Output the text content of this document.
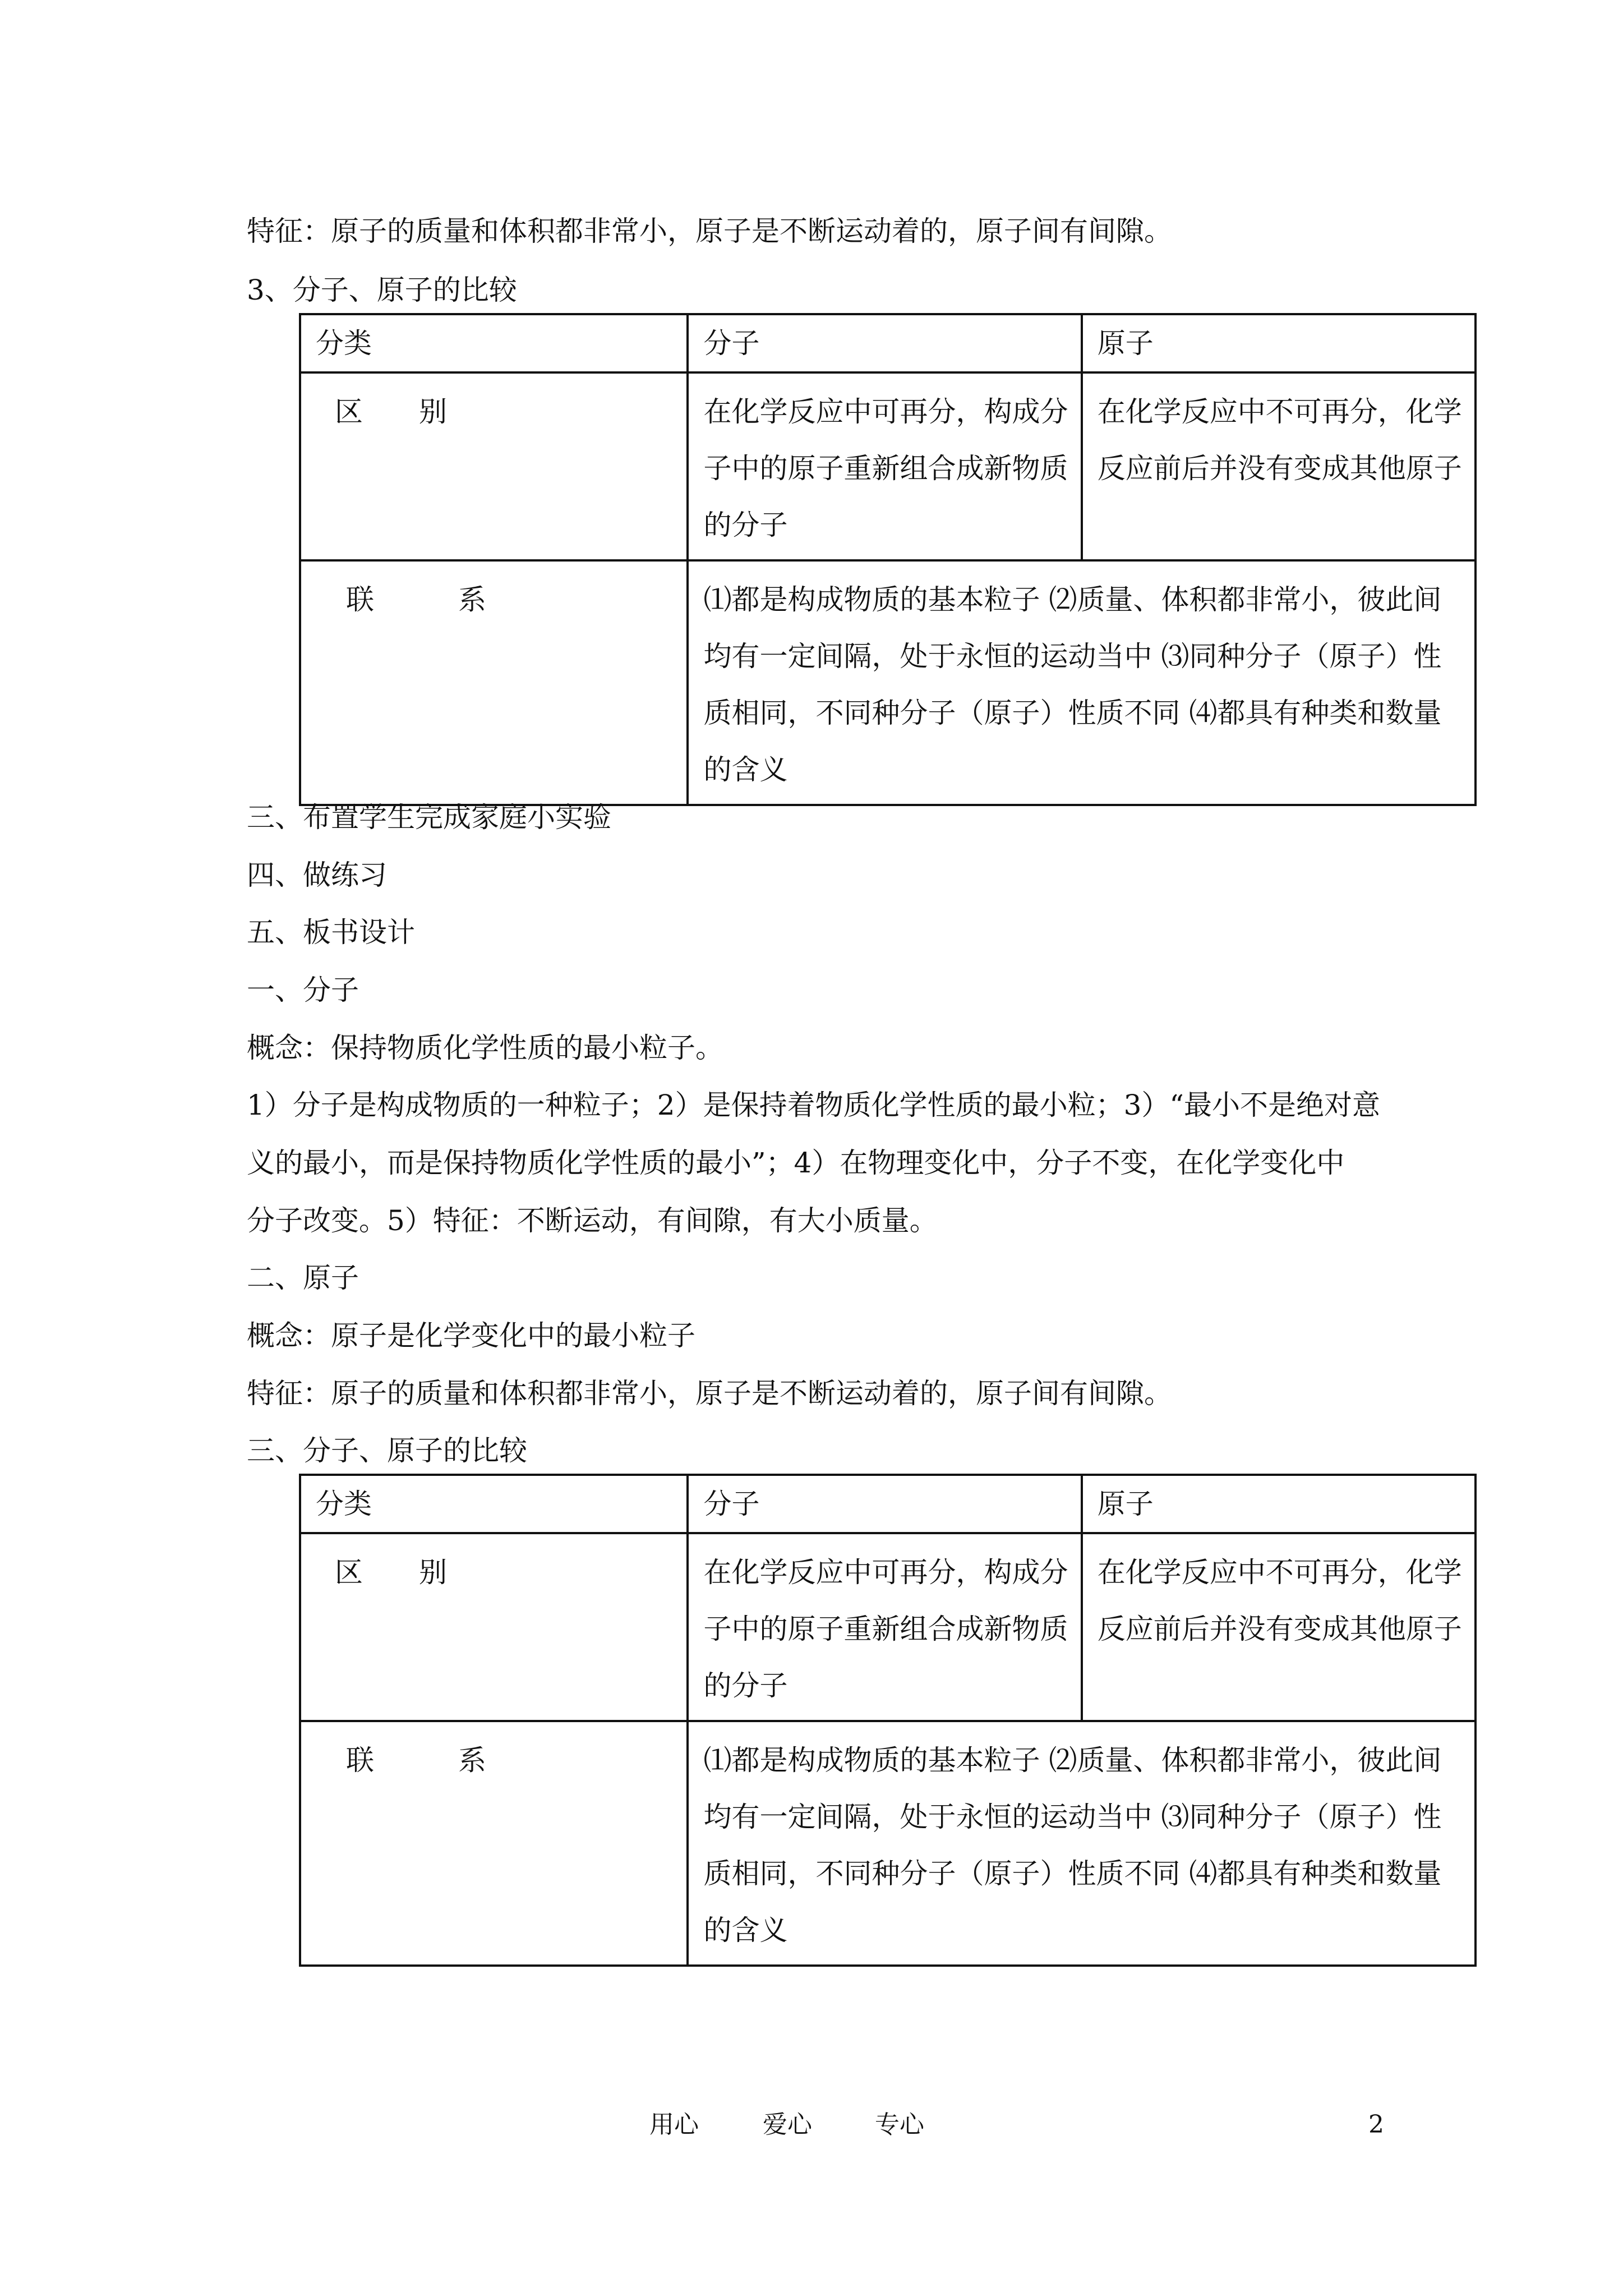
特征：原子的质量和体积都非常小，原子是不断运动着的，原子间有间隙。
3、分子、原子的比较
分类	分子	原子
区　　别	在化学反应中可再分，构成分子中的原子重新组合成新物质的分子	在化学反应中不可再分，化学反应前后并没有变成其他原子
联　　　系	⑴都是构成物质的基本粒子 ⑵质量、体积都非常小，彼此间均有一定间隔，处于永恒的运动当中 ⑶同种分子（原子）性质相同，不同种分子（原子）性质不同 ⑷都具有种类和数量的含义	
三、布置学生完成家庭小实验
四、做练习
五、板书设计
一、分子
概念：保持物质化学性质的最小粒子。
1）分子是构成物质的一种粒子；2）是保持着物质化学性质的最小粒；3）“最小不是绝对意
义的最小，而是保持物质化学性质的最小”；4）在物理变化中，分子不变，在化学变化中
分子改变。5）特征：不断运动，有间隙，有大小质量。
二、原子
概念：原子是化学变化中的最小粒子
特征：原子的质量和体积都非常小，原子是不断运动着的，原子间有间隙。
三、分子、原子的比较
分类	分子	原子
区　　别	在化学反应中可再分，构成分子中的原子重新组合成新物质的分子	在化学反应中不可再分，化学反应前后并没有变成其他原子
联　　　系	⑴都是构成物质的基本粒子 ⑵质量、体积都非常小，彼此间均有一定间隔，处于永恒的运动当中 ⑶同种分子（原子）性质相同，不同种分子（原子）性质不同 ⑷都具有种类和数量的含义	
用心	爱心	专心	2
